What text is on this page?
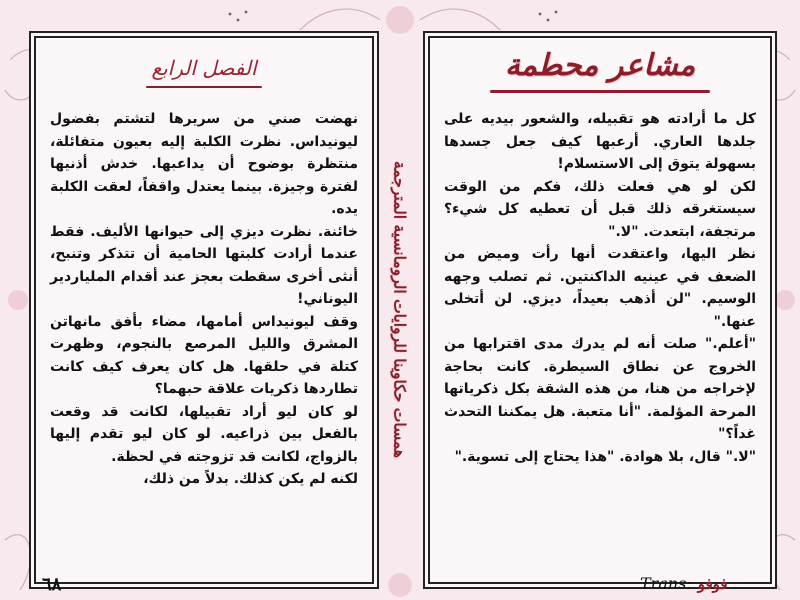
الفصل الرابع

نهضت صني من سريرها لتشتم بفضول ليونيداس. نظرت الكلبة إليه بعيون متفائلة، منتظرة بوضوح أن يداعبها. خدش أذنيها لفترة وجيزة. بينما يعتدل واقفاً، لعقت الكلبة يده.

خائنة. نظرت ديزي إلى حيوانها الأليف. فقط عندما أرادت كلبتها الحامية أن تتذكر وتنبح، أنثى أخرى سقطت بعجز عند أقدام الملياردير اليوناني!

وقف ليونيداس أمامها، مضاء بأفق مانهاتن المشرق والليل المرصع بالنجوم، وظهرت كتلة في حلقها. هل كان يعرف كيف كانت تطاردها ذكريات علاقة حبهما؟

لو كان ليو أراد تقبيلها، لكانت قد وقعت بالفعل بين ذراعيه. لو كان ليو تقدم إليها بالزواج، لكانت قد تزوجته في لحظة.

لكنه لم يكن كذلك. بدلاً من ذلك،

همسات حكاوينا للروايات الرومانسية المترجمة
مشاعر محطمة

كل ما أرادته هو تقبيله، والشعور بيديه على جلدها العاري. أرعبها كيف جعل جسدها بسهولة يتوق إلى الاستسلام!

لكن لو هي فعلت ذلك، فكم من الوقت سيستغرقه ذلك قبل أن تعطيه كل شيء؟ مرتجفة، ابتعدت. "لا."

نظر اليها، واعتقدت أنها رأت وميض من الضعف في عينيه الداكنتين. ثم تصلب وجهه الوسيم. "لن أذهب بعيداً، ديزي. لن أتخلى عنها."

"أعلم." صلت أنه لم يدرك مدى اقترابها من الخروج عن نطاق السيطرة. كانت بحاجة لإخراجه من هنا، من هذه الشقة بكل ذكرياتها المرحة المؤلمة. "أنا متعبة. هل يمكننا التحدث غداً؟"

"لا." قال، بلا هوادة. "هذا يحتاج إلى تسوية."

٦٨	Trans: فوفو
